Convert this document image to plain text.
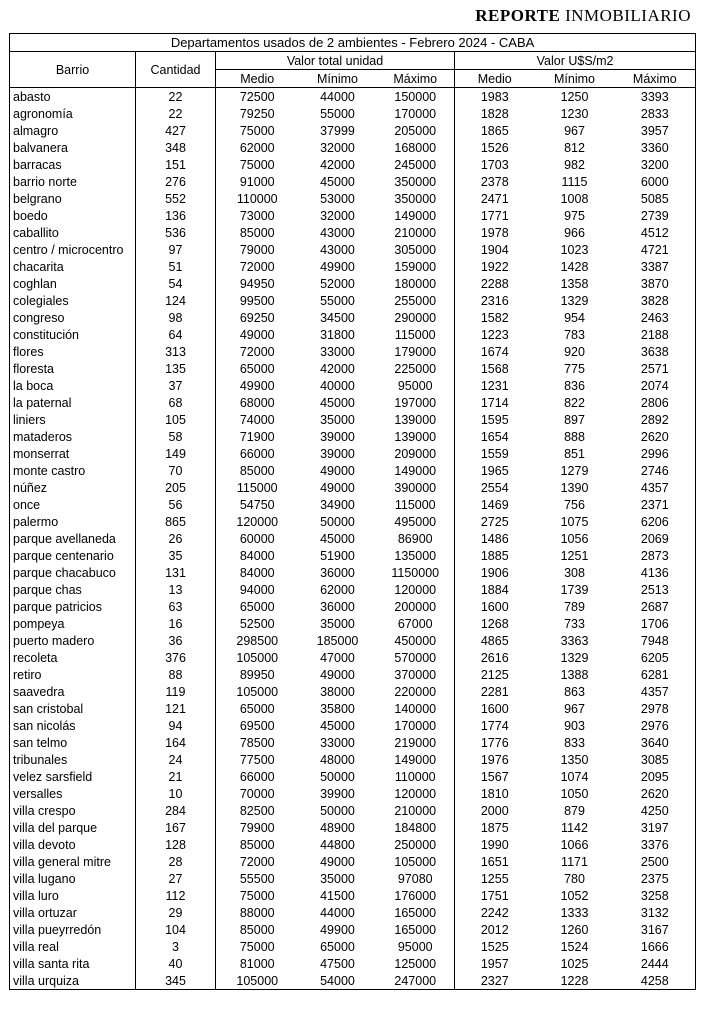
REPORTE INMOBILIARIO
Departamentos usados de 2 ambientes - Febrero 2024 - CABA							
Barrio	Cantidad	Valor total unidad			Valor U$S/m2		
		Medio	Mínimo	Máximo	Medio	Mínimo	Máximo
abasto	22	72500	44000	150000	1983	1250	3393
agronomía	22	79250	55000	170000	1828	1230	2833
almagro	427	75000	37999	205000	1865	967	3957
balvanera	348	62000	32000	168000	1526	812	3360
barracas	151	75000	42000	245000	1703	982	3200
barrio norte	276	91000	45000	350000	2378	1115	6000
belgrano	552	110000	53000	350000	2471	1008	5085
boedo	136	73000	32000	149000	1771	975	2739
caballito	536	85000	43000	210000	1978	966	4512
centro / microcentro	97	79000	43000	305000	1904	1023	4721
chacarita	51	72000	49900	159000	1922	1428	3387
coghlan	54	94950	52000	180000	2288	1358	3870
colegiales	124	99500	55000	255000	2316	1329	3828
congreso	98	69250	34500	290000	1582	954	2463
constitución	64	49000	31800	115000	1223	783	2188
flores	313	72000	33000	179000	1674	920	3638
floresta	135	65000	42000	225000	1568	775	2571
la boca	37	49900	40000	95000	1231	836	2074
la paternal	68	68000	45000	197000	1714	822	2806
liniers	105	74000	35000	139000	1595	897	2892
mataderos	58	71900	39000	139000	1654	888	2620
monserrat	149	66000	39000	209000	1559	851	2996
monte castro	70	85000	49000	149000	1965	1279	2746
núñez	205	115000	49000	390000	2554	1390	4357
once	56	54750	34900	115000	1469	756	2371
palermo	865	120000	50000	495000	2725	1075	6206
parque avellaneda	26	60000	45000	86900	1486	1056	2069
parque centenario	35	84000	51900	135000	1885	1251	2873
parque chacabuco	131	84000	36000	1150000	1906	308	4136
parque chas	13	94000	62000	120000	1884	1739	2513
parque patricios	63	65000	36000	200000	1600	789	2687
pompeya	16	52500	35000	67000	1268	733	1706
puerto madero	36	298500	185000	450000	4865	3363	7948
recoleta	376	105000	47000	570000	2616	1329	6205
retiro	88	89950	49000	370000	2125	1388	6281
saavedra	119	105000	38000	220000	2281	863	4357
san cristobal	121	65000	35800	140000	1600	967	2978
san nicolás	94	69500	45000	170000	1774	903	2976
san telmo	164	78500	33000	219000	1776	833	3640
tribunales	24	77500	48000	149000	1976	1350	3085
velez sarsfield	21	66000	50000	110000	1567	1074	2095
versalles	10	70000	39900	120000	1810	1050	2620
villa crespo	284	82500	50000	210000	2000	879	4250
villa del parque	167	79900	48900	184800	1875	1142	3197
villa devoto	128	85000	44800	250000	1990	1066	3376
villa general mitre	28	72000	49000	105000	1651	1171	2500
villa lugano	27	55500	35000	97080	1255	780	2375
villa luro	112	75000	41500	176000	1751	1052	3258
villa ortuzar	29	88000	44000	165000	2242	1333	3132
villa pueyrredón	104	85000	49900	165000	2012	1260	3167
villa real	3	75000	65000	95000	1525	1524	1666
villa santa rita	40	81000	47500	125000	1957	1025	2444
villa urquiza	345	105000	54000	247000	2327	1228	4258
